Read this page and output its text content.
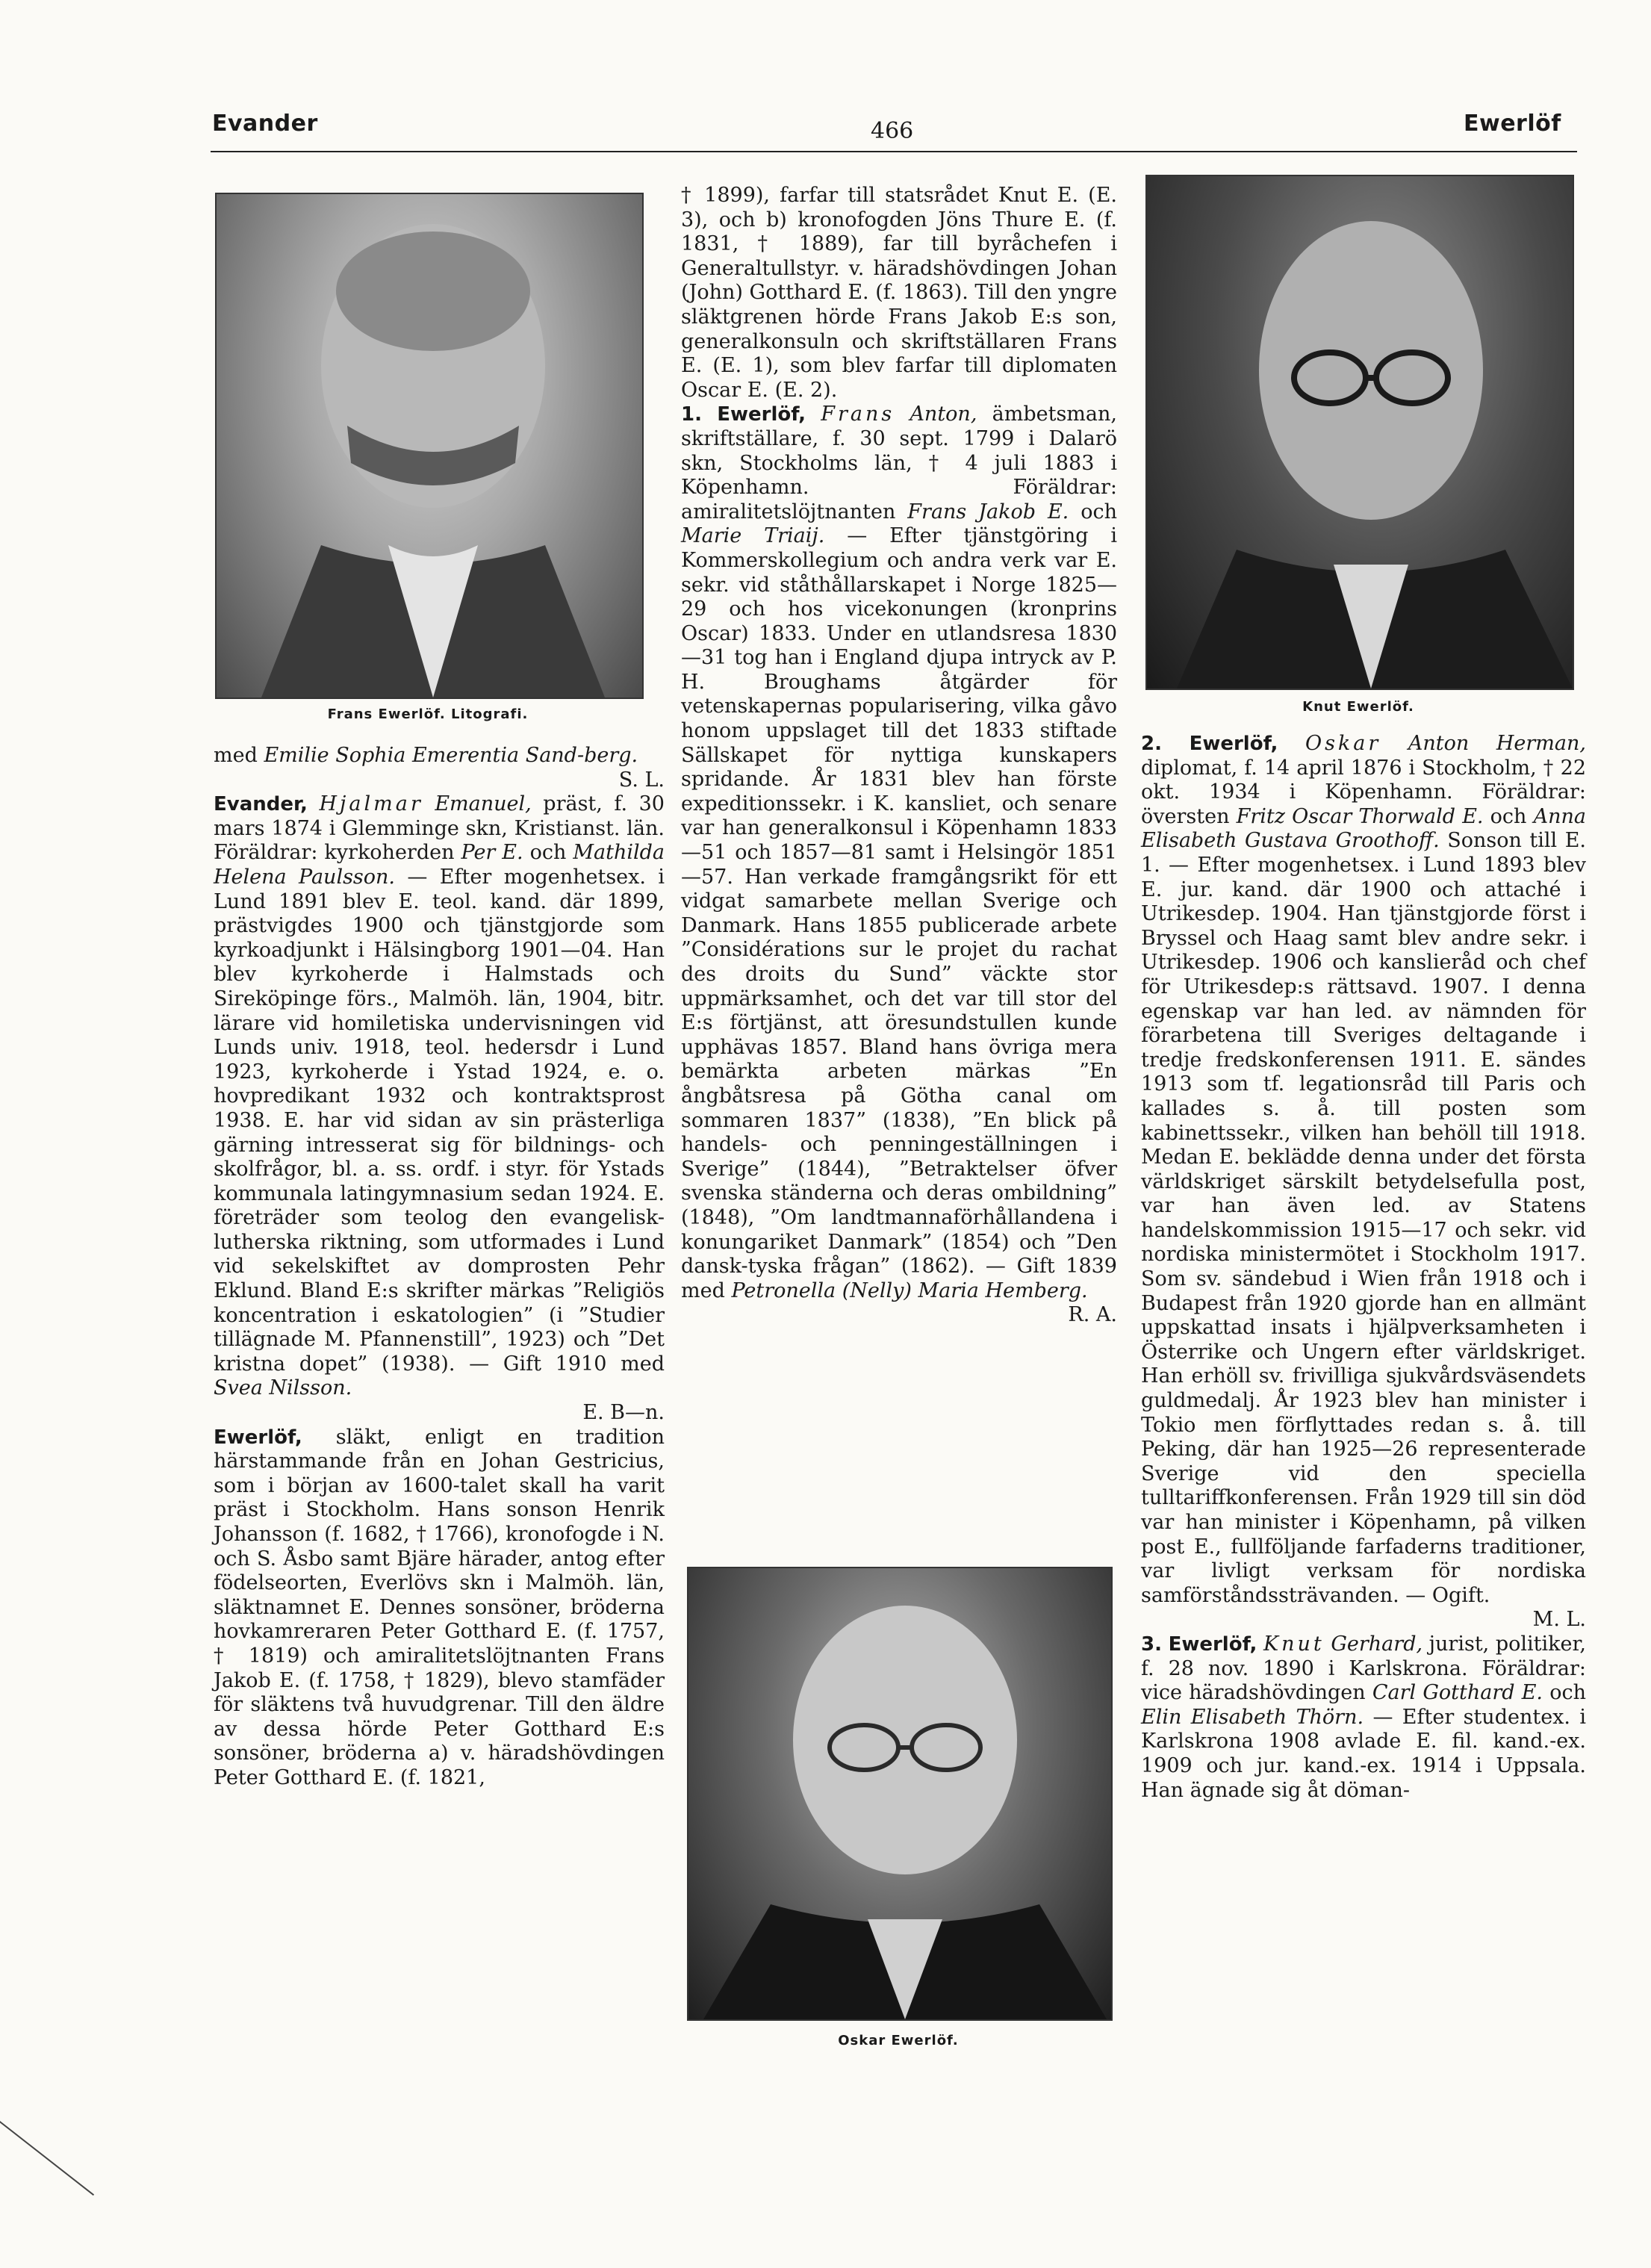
Evander	466	Ewerlöf
Frans Ewerlöf. Litografi.	Knut Ewerlöf.
Oskar Ewerlöf.

med Emilie Sophia Emerentia Sand-berg.
S. L.

Evander, Hjalmar Emanuel, präst, f. 30 mars 1874 i Glemminge skn, Kristianst. län. Föräldrar: kyrkoherden Per E. och Mathilda Helena Paulsson. — Efter mogenhetsex. i Lund 1891 blev E. teol. kand. där 1899, prästvigdes 1900 och tjänstgjorde som kyrkoadjunkt i Hälsingborg 1901—04. Han blev kyrkoherde i Halmstads och Sireköpinge förs., Malmöh. län, 1904, bitr. lärare vid homiletiska undervisningen vid Lunds univ. 1918, teol. hedersdr i Lund 1923, kyrkoherde i Ystad 1924, e. o. hovpredikant 1932 och kontraktsprost 1938. E. har vid sidan av sin prästerliga gärning intresserat sig för bildnings- och skolfrågor, bl. a. ss. ordf. i styr. för Ystads kommunala latingymnasium sedan 1924. E. företräder som teolog den evangelisk-lutherska riktning, som utformades i Lund vid sekelskiftet av domprosten Pehr Eklund. Bland E:s skrifter märkas ”Religiös koncentration i eskatologien” (i ”Studier tillägnade M. Pfannenstill”, 1923) och ”Det kristna dopet” (1938). — Gift 1910 med Svea Nilsson.
E. B—n.

Ewerlöf, släkt, enligt en tradition härstammande från en Johan Gestricius, som i början av 1600-talet skall ha varit präst i Stockholm. Hans sonson Henrik Johansson (f. 1682, † 1766), kronofogde i N. och S. Åsbo samt Bjäre härader, antog efter födelseorten, Everlövs skn i Malmöh. län, släktnamnet E. Dennes sonsöner, bröderna hovkamreraren Peter Gotthard E. (f. 1757, † 1819) och amiralitetslöjtnanten Frans Jakob E. (f. 1758, † 1829), blevo stamfäder för släktens två huvudgrenar. Till den äldre av dessa hörde Peter Gotthard E:s sonsöner, bröderna a) v. häradshövdingen Peter Gotthard E. (f. 1821,

† 1899), farfar till statsrådet Knut E. (E. 3), och b) kronofogden Jöns Thure E. (f. 1831, † 1889), far till byråchefen i Generaltullstyr. v. häradshövdingen Johan (John) Gotthard E. (f. 1863). Till den yngre släktgrenen hörde Frans Jakob E:s son, generalkonsuln och skriftställaren Frans E. (E. 1), som blev farfar till diplomaten Oscar E. (E. 2).

1. Ewerlöf, Frans Anton, ämbetsman, skriftställare, f. 30 sept. 1799 i Dalarö skn, Stockholms län, † 4 juli 1883 i Köpenhamn. Föräldrar: amiralitetslöjtnanten Frans Jakob E. och Marie Triaij. — Efter tjänstgöring i Kommerskollegium och andra verk var E. sekr. vid ståthållarskapet i Norge 1825—29 och hos vicekonungen (kronprins Oscar) 1833. Under en utlandsresa 1830—31 tog han i England djupa intryck av P. H. Broughams åtgärder för vetenskapernas popularisering, vilka gåvo honom uppslaget till det 1833 stiftade Sällskapet för nyttiga kunskapers spridande. År 1831 blev han förste expeditionssekr. i K. kansliet, och senare var han generalkonsul i Köpenhamn 1833—51 och 1857—81 samt i Helsingör 1851—57. Han verkade framgångsrikt för ett vidgat samarbete mellan Sverige och Danmark. Hans 1855 publicerade arbete ”Considérations sur le projet du rachat des droits du Sund” väckte stor uppmärksamhet, och det var till stor del E:s förtjänst, att öresundstullen kunde upphävas 1857. Bland hans övriga mera bemärkta arbeten märkas ”En ångbåtsresa på Götha canal om sommaren 1837” (1838), ”En blick på handels- och penningeställningen i Sverige” (1844), ”Betraktelser öfver svenska ständerna och deras ombildning” (1848), ”Om landtmannaförhållandena i konungariket Danmark” (1854) och ”Den dansk-tyska frågan” (1862). — Gift 1839 med Petronella (Nelly) Maria Hemberg.
R. A.

2. Ewerlöf, Oskar Anton Herman, diplomat, f. 14 april 1876 i Stockholm, † 22 okt. 1934 i Köpenhamn. Föräldrar: översten Fritz Oscar Thorwald E. och Anna Elisabeth Gustava Groothoff. Sonson till E. 1. — Efter mogenhetsex. i Lund 1893 blev E. jur. kand. där 1900 och attaché i Utrikesdep. 1904. Han tjänstgjorde först i Bryssel och Haag samt blev andre sekr. i Utrikesdep. 1906 och kanslieråd och chef för Utrikesdep:s rättsavd. 1907. I denna egenskap var han led. av nämnden för förarbetena till Sveriges deltagande i tredje fredskonferensen 1911. E. sändes 1913 som tf. legationsråd till Paris och kallades s. å. till posten som kabinettssekr., vilken han behöll till 1918. Medan E. beklädde denna under det första världskriget särskilt betydelsefulla post, var han även led. av Statens handelskommission 1915—17 och sekr. vid nordiska ministermötet i Stockholm 1917. Som sv. sändebud i Wien från 1918 och i Budapest från 1920 gjorde han en allmänt uppskattad insats i hjälpverksamheten i Österrike och Ungern efter världskriget. Han erhöll sv. frivilliga sjukvårdsväsendets guldmedalj. År 1923 blev han minister i Tokio men förflyttades redan s. å. till Peking, där han 1925—26 representerade Sverige vid den speciella tulltariffkonferensen. Från 1929 till sin död var han minister i Köpenhamn, på vilken post E., fullföljande farfaderns traditioner, var livligt verksam för nordiska samförståndssträvanden. — Ogift.
M. L.

3. Ewerlöf, Knut Gerhard, jurist, politiker, f. 28 nov. 1890 i Karlskrona. Föräldrar: vice häradshövdingen Carl Gotthard E. och Elin Elisabeth Thörn. — Efter studentex. i Karlskrona 1908 avlade E. fil. kand.-ex. 1909 och jur. kand.-ex. 1914 i Uppsala. Han ägnade sig åt döman-
